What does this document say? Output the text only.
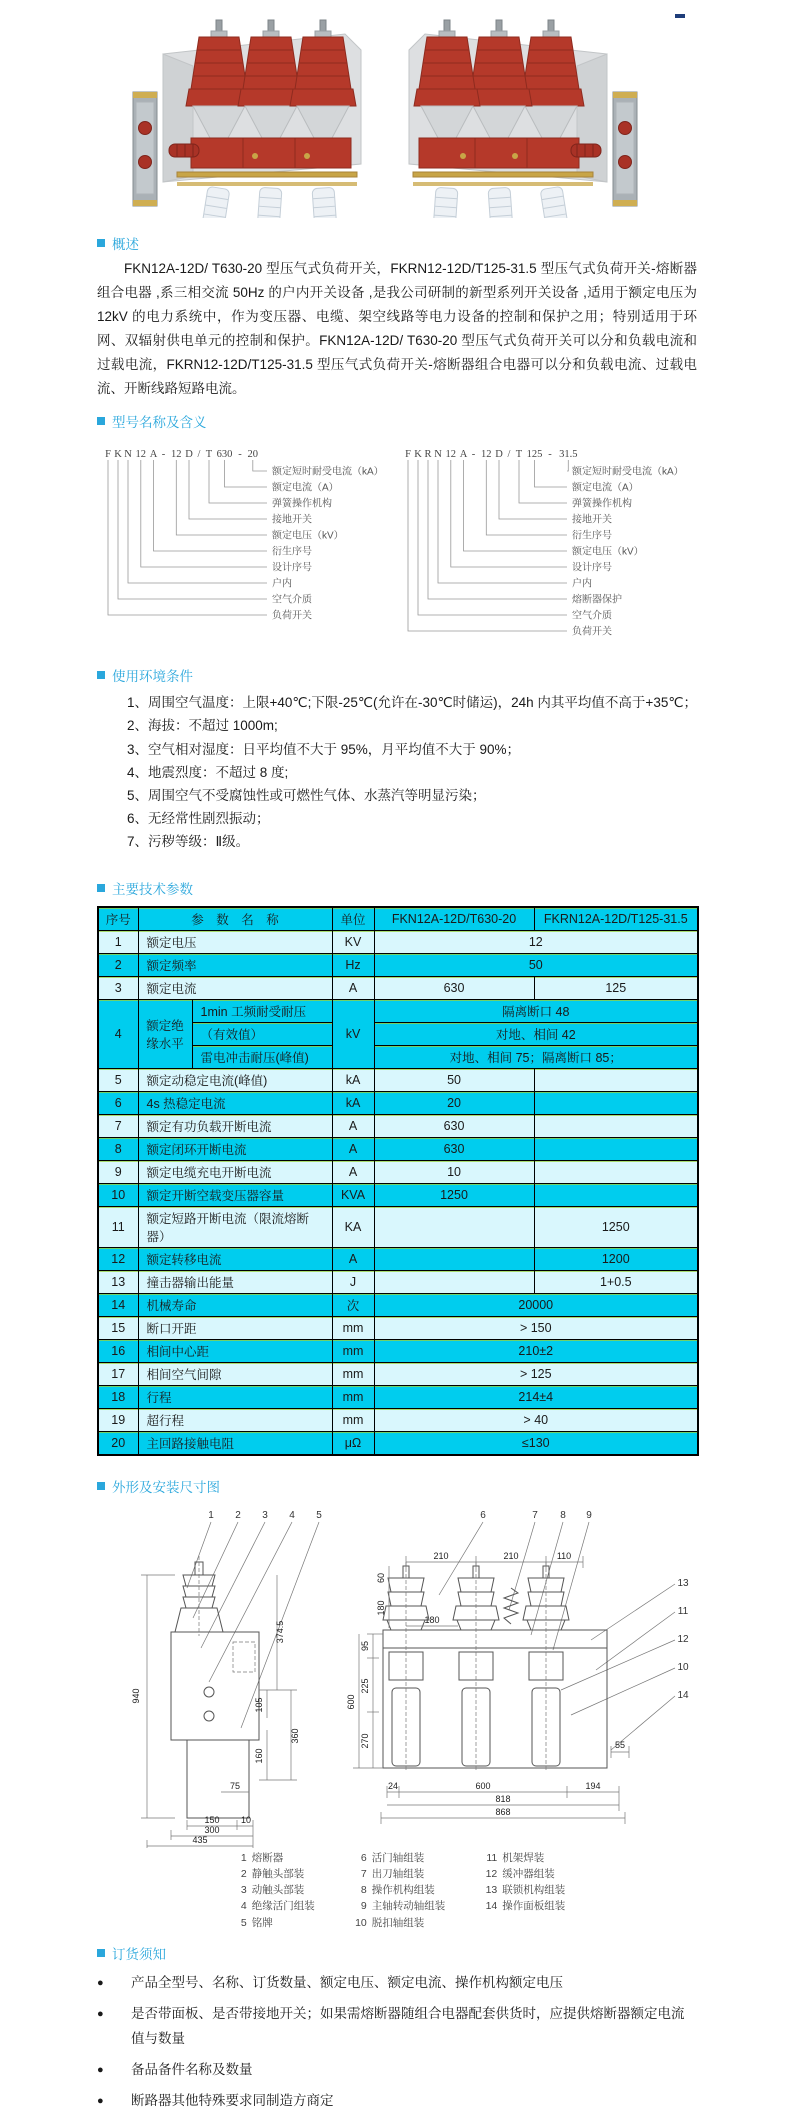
概述

FKN12A-12D/ T630-20 型压气式负荷开关，FKRN12-12D/T125-31.5 型压气式负荷开关-熔断器组合电器 ,系三相交流 50Hz 的户内开关设备 ,是我公司研制的新型系列开关设备 ,适用于额定电压为 12kV 的电力系统中，作为变压器、电缆、架空线路等电力设备的控制和保护之用；特别适用于环网、双辐射供电单元的控制和保护。FKN12A-12D/ T630-20 型压气式负荷开关可以分和负载电流和过载电流，FKRN12-12D/T125-31.5 型压气式负荷开关-熔断器组合电器可以分和负载电流、过载电流、开断线路短路电流。

型号名称及含义
F K N 12 A - 12 D / T 630 - 20
额定短时耐受电流（kA）
额定电流（A）
弹簧操作机构
接地开关
额定电压（kV）
衍生序号
设计序号
户内
空气介质
负荷开关
F K R N 12 A - 12 D / T 125 - 31.5
额定短时耐受电流（kA）
额定电流（A）
弹簧操作机构
接地开关
衍生序号
额定电压（kV）
设计序号
户内
熔断器保护
空气介质
负荷开关
使用环境条件
1、周围空气温度：上限+40℃;下限-25℃(允许在-30℃时储运)，24h 内其平均值不高于+35℃；
2、海拔：不超过 1000m;
3、空气相对湿度：日平均值不大于 95%，月平均值不大于 90%；
4、地震烈度：不超过 8 度;
5、周围空气不受腐蚀性或可燃性气体、水蒸汽等明显污染；
6、无经常性剧烈振动；
7、污秽等级：Ⅱ级。
主要技术参数
序号	参　数　名　称		单位	FKN12A-12D/T630-20	FKRN12A-12D/T125-31.5
1	额定电压		KV	12	
2	额定频率		Hz	50	
3	额定电流		A	630	125
4	额定绝缘水平	1min 工频耐受耐压	kV	隔离断口 48	
		（有效值）		对地、相间 42	
		雷电冲击耐压(峰值)		对地、相间 75；隔离断口 85；	
5	额定动稳定电流(峰值)		kA	50	
6	4s 热稳定电流		kA	20	
7	额定有功负载开断电流		A	630	
8	额定闭环开断电流		A	630	
9	额定电缆充电开断电流		A	10	
10	额定开断空载变压器容量		KVA	1250	
11	额定短路开断电流（限流熔断器）		KA		1250
12	额定转移电流		A		1200
13	撞击器输出能量		J		1+0.5
14	机械寿命		次	20000	
15	断口开距		mm	> 150	
16	相间中心距		mm	210±2	
17	相间空气间隙		mm	> 125	
18	行程		mm	214±4	
19	超行程		mm	> 40	
20	主回路接触电阻		μΩ	≤130	
外形及安装尺寸图
1 2 3 4 5	6	7 8 9
13
11
12
10
14
940
374.5
105
360
160
75
150 10
300
435
210	210	110
60
180
95
225
270
600
180
55
24	600	194
818
868
1 熔断器
2 静触头部装
3 动触头部装
4 绝缘活门组装
5 铭牌
6 活门轴组装
7 出刀轴组装
8 操作机构组装
9 主轴转动轴组装
10 脱扣轴组装
11 机架焊装
12 缓冲器组装
13 联锁机构组装
14 操作面板组装
订货须知
●	产品全型号、名称、订货数量、额定电压、额定电流、操作机构额定电压
●	是否带面板、是否带接地开关；如果需熔断器随组合电器配套供货时，应提供熔断器额定电流值与数量
●	备品备件名称及数量
●	断路器其他特殊要求同制造方商定
